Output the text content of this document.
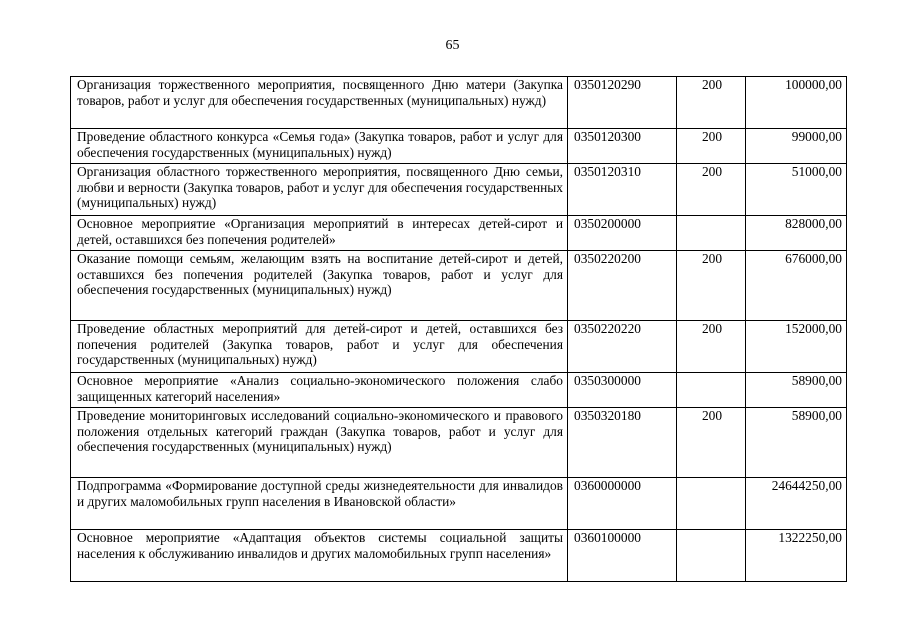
65
Организация торжественного мероприятия, посвященного Дню матери (Закупка товаров, работ и услуг для обеспечения государственных (муниципальных) нужд)	0350120290	200	100000,00
Проведение областного конкурса «Семья года» (Закупка товаров, работ и услуг для обеспечения государственных (муниципальных) нужд)	0350120300	200	99000,00
Организация областного торжественного мероприятия, посвященного Дню семьи, любви и верности (Закупка товаров, работ и услуг для обеспечения государственных (муниципальных) нужд)	0350120310	200	51000,00
Основное мероприятие «Организация мероприятий в интересах детей-сирот и детей, оставшихся без попечения родителей»	0350200000		828000,00
Оказание помощи семьям, желающим взять на воспитание детей-сирот и детей, оставшихся без попечения родителей (Закупка товаров, работ и услуг для обеспечения государственных (муниципальных) нужд)	0350220200	200	676000,00
Проведение областных мероприятий для детей-сирот и детей, оставшихся без попечения родителей (Закупка товаров, работ и услуг для обеспечения государственных (муниципальных) нужд)	0350220220	200	152000,00
Основное мероприятие «Анализ социально-экономического положения слабо защищенных категорий населения»	0350300000		58900,00
Проведение мониторинговых исследований социально-экономического и правового положения отдельных категорий граждан (Закупка товаров, работ и услуг для обеспечения государственных (муниципальных) нужд)	0350320180	200	58900,00
Подпрограмма «Формирование доступной среды жизнедеятельности для инвалидов и других маломобильных групп населения в Ивановской области»	0360000000		24644250,00
Основное мероприятие «Адаптация объектов системы социальной защиты населения к обслуживанию инвалидов и других маломобильных групп населения»	0360100000		1322250,00
